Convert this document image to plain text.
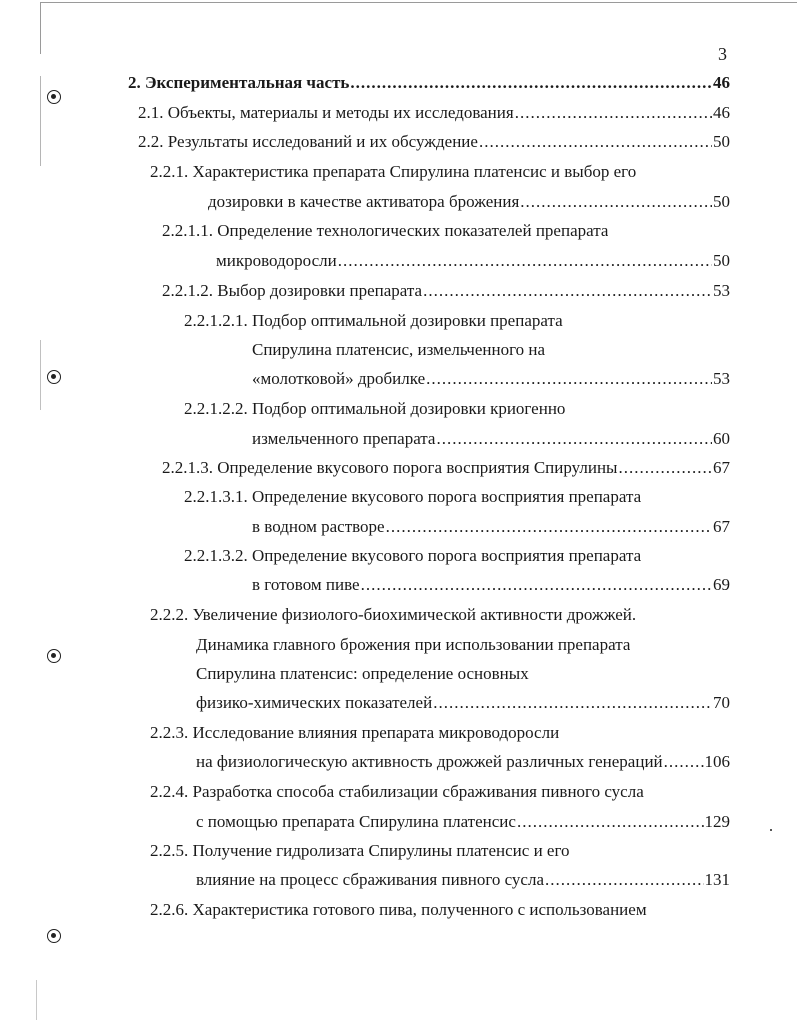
3
2. Экспериментальная часть .....	46
2.1. Объекты, материалы и методы их исследования .....	46
2.2. Результаты исследований и их обсуждение .....	50
2.2.1. Характеристика препарата Спирулина платенсис и выбор его
дозировки в качестве активатора брожения .....	50
2.2.1.1. Определение технологических показателей препарата
микроводоросли .....	50
2.2.1.2. Выбор дозировки препарата .....	53
2.2.1.2.1. Подбор оптимальной дозировки препарата
Спирулина платенсис, измельченного на
«молотковой» дробилке .....	53
2.2.1.2.2. Подбор оптимальной дозировки криогенно
измельченного препарата .....	60
2.2.1.3. Определение вкусового порога восприятия Спирулины .....	67
2.2.1.3.1. Определение вкусового порога восприятия препарата
в водном растворе .....	67
2.2.1.3.2. Определение вкусового порога восприятия препарата
в готовом пиве .....	69
2.2.2. Увеличение физиолого-биохимической активности дрожжей.
Динамика главного брожения при использовании препарата
Спирулина платенсис: определение основных
физико-химических показателей .....	70
2.2.3. Исследование влияния препарата микроводоросли
на физиологическую активность дрожжей различных генераций ..... 106
2.2.4. Разработка способа стабилизации сбраживания пивного сусла
с помощью препарата Спирулина платенсис .....	129
2.2.5. Получение гидролизата Спирулины платенсис и его
влияние на процесс сбраживания пивного сусла .....	131
2.2.6. Характеристика готового пива, полученного с использованием
